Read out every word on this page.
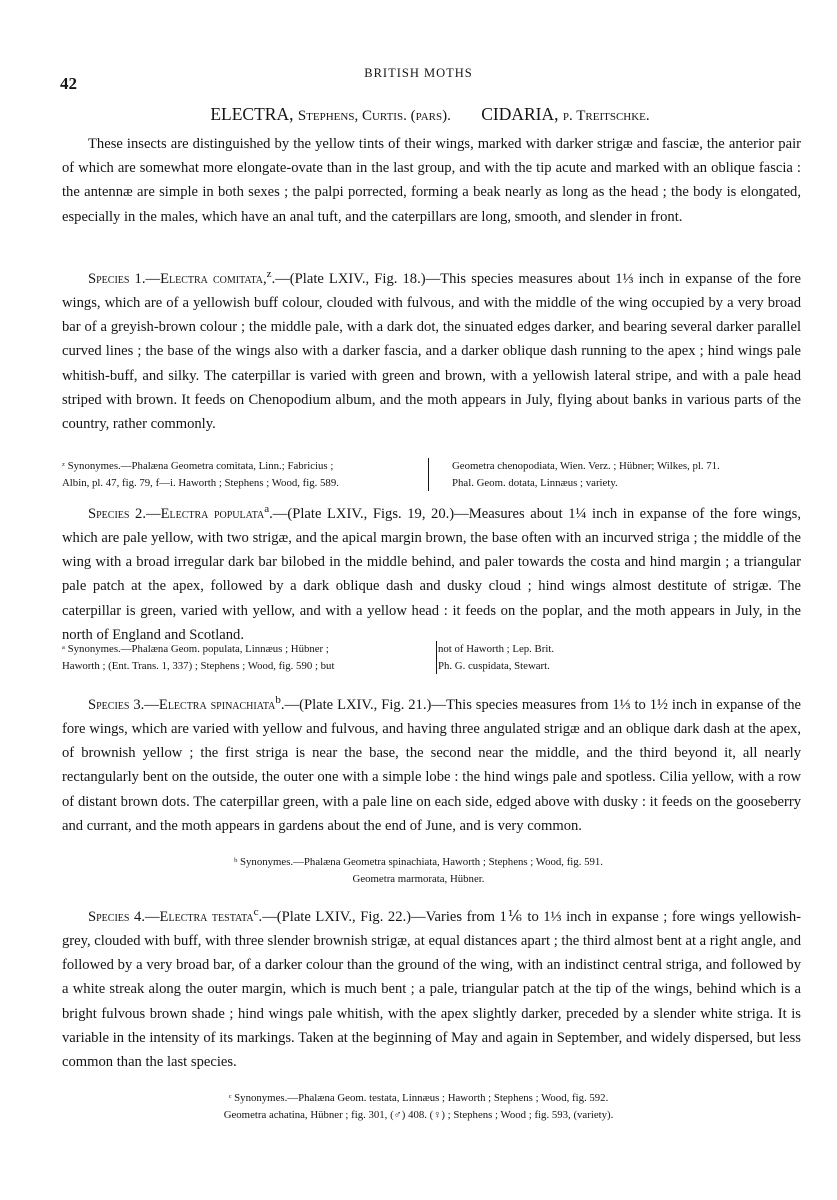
42
BRITISH MOTHS
ELECTRA, Stephens, Curtis. (pars). CIDARIA, p. Treitschke.

These insects are distinguished by the yellow tints of their wings, marked with darker strigæ and fasciæ, the anterior pair of which are somewhat more elongate-ovate than in the last group, and with the tip acute and marked with an oblique fascia : the antennæ are simple in both sexes ; the palpi porrected, forming a beak nearly as long as the head ; the body is elongated, especially in the males, which have an anal tuft, and the caterpillars are long, smooth, and slender in front.

Species 1.—Electra comitata,$^z$.—(Plate LXIV., Fig. 18.)—This species measures about 1⅓ inch in expanse of the fore wings, which are of a yellowish buff colour, clouded with fulvous, and with the middle of the wing occupied by a very broad bar of a greyish-brown colour ; the middle pale, with a dark dot, the sinuated edges darker, and bearing several darker parallel curved lines ; the base of the wings also with a darker fascia, and a darker oblique dash running to the apex ; hind wings pale whitish-buff, and silky. The caterpillar is varied with green and brown, with a yellowish lateral stripe, and with a pale head striped with brown. It feeds on Chenopodium album, and the moth appears in July, flying about banks in various parts of the country, rather commonly.

ᶻ Synonymes.—Phalæna Geometra comitata, Linn.; Fabricius ;
Albin, pl. 47, fig. 79, f—i. Haworth ; Stephens ; Wood, fig. 589.
Geometra chenopodiata, Wien. Verz. ; Hübner; Wilkes, pl. 71.
Phal. Geom. dotata, Linnæus ; variety.

Species 2.—Electra populata$^a$.—(Plate LXIV., Figs. 19, 20.)—Measures about 1¼ inch in expanse of the fore wings, which are pale yellow, with two strigæ, and the apical margin brown, the base often with an incurved striga ; the middle of the wing with a broad irregular dark bar bilobed in the middle behind, and paler towards the costa and hind margin ; a triangular pale patch at the apex, followed by a dark oblique dash and dusky cloud ; hind wings almost destitute of strigæ. The caterpillar is green, varied with yellow, and with a yellow head : it feeds on the poplar, and the moth appears in July, in the north of England and Scotland.

ᵃ Synonymes.—Phalæna Geom. populata, Linnæus ; Hübner ;
Haworth ; (Ent. Trans. 1, 337) ; Stephens ; Wood, fig. 590 ; but
not of Haworth ; Lep. Brit.
Ph. G. cuspidata, Stewart.

Species 3.—Electra spinachiata$^b$.—(Plate LXIV., Fig. 21.)—This species measures from 1⅓ to 1½ inch in expanse of the fore wings, which are varied with yellow and fulvous, and having three angulated strigæ and an oblique dark dash at the apex, of brownish yellow ; the first striga is near the base, the second near the middle, and the third beyond it, all nearly rectangularly bent on the outside, the outer one with a simple lobe : the hind wings pale and spotless. Cilia yellow, with a row of distant brown dots. The caterpillar green, with a pale line on each side, edged above with dusky : it feeds on the gooseberry and currant, and the moth appears in gardens about the end of June, and is very common.

ᵇ Synonymes.—Phalæna Geometra spinachiata, Haworth ; Stephens ; Wood, fig. 591.
Geometra marmorata, Hübner.

Species 4.—Electra testata$^c$.—(Plate LXIV., Fig. 22.)—Varies from 1⅙ to 1⅓ inch in expanse ; fore wings yellowish-grey, clouded with buff, with three slender brownish strigæ, at equal distances apart ; the third almost bent at a right angle, and followed by a very broad bar, of a darker colour than the ground of the wing, with an indistinct central striga, and followed by a white streak along the outer margin, which is much bent ; a pale, triangular patch at the tip of the wings, behind which is a bright fulvous brown shade ; hind wings pale whitish, with the apex slightly darker, preceded by a slender white striga. It is variable in the intensity of its markings. Taken at the beginning of May and again in September, and widely dispersed, but less common than the last species.

ᶜ Synonymes.—Phalæna Geom. testata, Linnæus ; Haworth ; Stephens ; Wood, fig. 592.
Geometra achatina, Hübner ; fig. 301, (♂) 408. (♀) ; Stephens ; Wood ; fig. 593, (variety).
